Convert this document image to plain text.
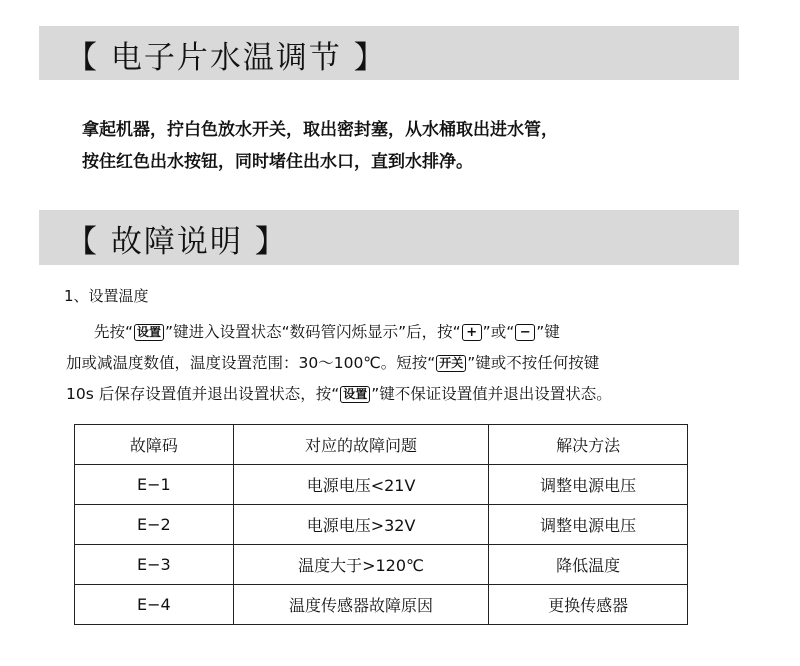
【 电子片水温调节 】
拿起机器，拧白色放水开关，取出密封塞，从水桶取出进水管，
按住红色出水按钮，同时堵住出水口，直到水排净。
【 故障说明 】
1、设置温度
先按“ 设置 ”键进入设置状态“数码管闪烁显示”后，按“ + ”或“ − ”键
加或减温度数值，温度设置范围：30～100℃。短按“ 开关 ”键或不按任何按键
10s 后保存设置值并退出设置状态，按“ 设置 ”键不保证设置值并退出设置状态。
故障码	对应的故障问题	解决方法
E−1	电源电压<21V	调整电源电压
E−2	电源电压>32V	调整电源电压
E−3	温度大于>120℃	降低温度
E−4	温度传感器故障原因	更换传感器
